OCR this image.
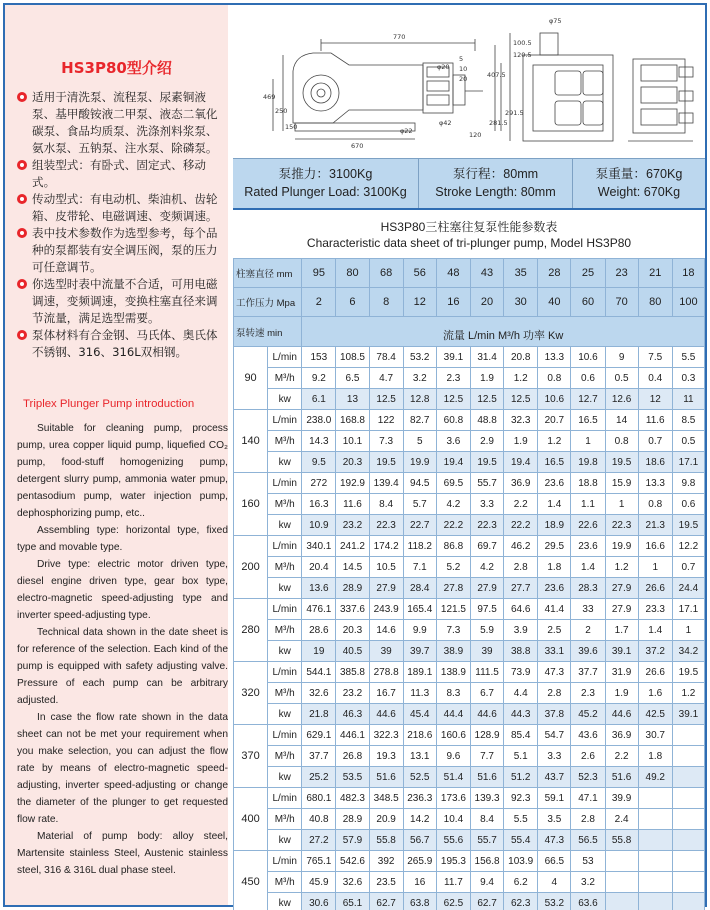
HS3P80型介绍
适用于清洗泵、流程泵、尿素铜液泵、基甲酸铵液二甲泵、液态二氧化碳泵、食品均质泵、洗涤剂料浆泵、氨水泵、五钠泵、注水泵、除磷泵。
组装型式：有卧式、固定式、移动式。
传动型式：有电动机、柴油机、齿轮箱、皮带轮、电磁调速、变频调速。
表中技术参数作为选型参考，每个品种的泵都装有安全调压阀，泵的压力可任意调节。
你选型时表中流量不合适，可用电磁调速，变频调速，变换柱塞直径来调节流量，满足选型需要。
泵体材料有合金钢、马氏体、奥氏体不锈钢、316、316L双相钢。
Triplex Plunger Pump introduction

Suitable for cleaning pump, process pump, urea copper liquid pump, liquefied CO₂ pump, food-stuff homogenizing pump, detergent slurry pump, ammonia water pmup, pentasodium pump, water injection pump, dephosphorizing pump, etc..

Assembling type: horizontal type, fixed type and movable type.

Drive type: electric motor driven type, diesel engine driven type, gear box type, electro-magnetic speed-adjusting type and inverter speed-adjusting type.

Technical data shown in the date sheet is for reference of the selection. Each kind of the pump is equipped with safety adjusting valve. Pressure of each pump can be arbitrary adjusted.

In case the flow rate shown in the data sheet can not be met your requirement when you make selection, you can adjust the flow rate by means of electro-magnetic speed-adjusting, inverter speed-adjusting or change the diameter of the plunger to get requested flow rate.

Material of pump body: alloy steel, Martensite stainless Steel, Austenic stainless steel, 316 & 316L dual phase steel.

770
670
469
250
150
φ75
φ20
φ22
φ42
100.5
120.5
407.5
291.5
281.5
120
5
10
20
泵推力：3100Kg
Rated Plunger Load: 3100Kg
泵行程：80mm
Stroke Length: 80mm
泵重量：670Kg
Weight: 670Kg
HS3P80三柱塞往复泵性能参数表
Characteristic data sheet of tri-plunger pump, Model HS3P80
柱塞直径 mm		95	80	68	56	48	43	35	28	25	23	21	18
工作压力 Mpa		2	6	8	12	16	20	30	40	60	70	80	100
泵转速 min		流量 L/min M³/h 功率 Kw											
90	L/min	153	108.5	78.4	53.2	39.1	31.4	20.8	13.3	10.6	9	7.5	5.5
	M³/h	9.2	6.5	4.7	3.2	2.3	1.9	1.2	0.8	0.6	0.5	0.4	0.3
	kw	6.1	13	12.5	12.8	12.5	12.5	12.5	10.6	12.7	12.6	12	11
140	L/min	238.0	168.8	122	82.7	60.8	48.8	32.3	20.7	16.5	14	11.6	8.5
	M³/h	14.3	10.1	7.3	5	3.6	2.9	1.9	1.2	1	0.8	0.7	0.5
	kw	9.5	20.3	19.5	19.9	19.4	19.5	19.4	16.5	19.8	19.5	18.6	17.1
160	L/min	272	192.9	139.4	94.5	69.5	55.7	36.9	23.6	18.8	15.9	13.3	9.8
	M³/h	16.3	11.6	8.4	5.7	4.2	3.3	2.2	1.4	1.1	1	0.8	0.6
	kw	10.9	23.2	22.3	22.7	22.2	22.3	22.2	18.9	22.6	22.3	21.3	19.5
200	L/min	340.1	241.2	174.2	118.2	86.8	69.7	46.2	29.5	23.6	19.9	16.6	12.2
	M³/h	20.4	14.5	10.5	7.1	5.2	4.2	2.8	1.8	1.4	1.2	1	0.7
	kw	13.6	28.9	27.9	28.4	27.8	27.9	27.7	23.6	28.3	27.9	26.6	24.4
280	L/min	476.1	337.6	243.9	165.4	121.5	97.5	64.6	41.4	33	27.9	23.3	17.1
	M³/h	28.6	20.3	14.6	9.9	7.3	5.9	3.9	2.5	2	1.7	1.4	1
	kw	19	40.5	39	39.7	38.9	39	38.8	33.1	39.6	39.1	37.2	34.2
320	L/min	544.1	385.8	278.8	189.1	138.9	111.5	73.9	47.3	37.7	31.9	26.6	19.5
	M³/h	32.6	23.2	16.7	11.3	8.3	6.7	4.4	2.8	2.3	1.9	1.6	1.2
	kw	21.8	46.3	44.6	45.4	44.4	44.6	44.3	37.8	45.2	44.6	42.5	39.1
370	L/min	629.1	446.1	322.3	218.6	160.6	128.9	85.4	54.7	43.6	36.9	30.7	
	M³/h	37.7	26.8	19.3	13.1	9.6	7.7	5.1	3.3	2.6	2.2	1.8	
	kw	25.2	53.5	51.6	52.5	51.4	51.6	51.2	43.7	52.3	51.6	49.2	
400	L/min	680.1	482.3	348.5	236.3	173.6	139.3	92.3	59.1	47.1	39.9		
	M³/h	40.8	28.9	20.9	14.2	10.4	8.4	5.5	3.5	2.8	2.4		
	kw	27.2	57.9	55.8	56.7	55.6	55.7	55.4	47.3	56.5	55.8		
450	L/min	765.1	542.6	392	265.9	195.3	156.8	103.9	66.5	53			
	M³/h	45.9	32.6	23.5	16	11.7	9.4	6.2	4	3.2			
	kw	30.6	65.1	62.7	63.8	62.5	62.7	62.3	53.2	63.6			
